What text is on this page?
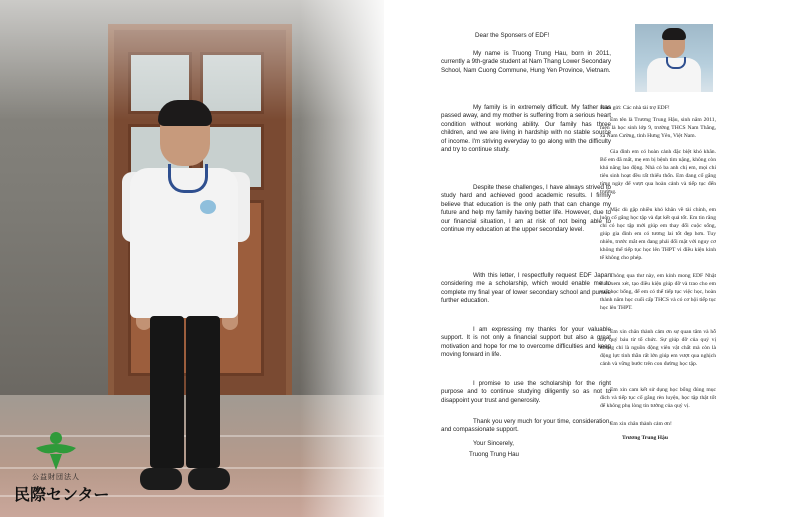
公益財団法人
民際センター
Dear the Sponsers of EDF!

My name is Truong Trung Hau, born in 2011, currently a 9th-grade student at Nam Thang Lower Secondary School, Nam Cuong Commune, Hung Yen Province, Vietnam.

My family is in extremely difficult. My father has passed away, and my mother is suffering from a serious heart condition without working ability. Our family has three children, and we are living in hardship with no stable source of income. I'm striving everyday to go along with the difficulty and try to continue study.

Despite these challenges, I have always strived to study hard and achieved good academic results. I firmly believe that education is the only path that can change my future and help my family having better life. However, due to our financial situation, I am at risk of not being able to continue my education at the upper secondary level.

With this letter, I respectfully request EDF Japan considering me a scholarship, which would enable me to complete my final year of lower secondary school and pursue further education.

I am expressing my thanks for your valuable support. It is not only a financial support but also a great motivation and hope for me to overcome difficulties and keep moving forward in life.

I promise to use the scholarship for the right purpose and to continue studying diligently so as not to disappoint your trust and generosity.

Thank you very much for your time, consideration, and compassionate support.

Your Sincerely,
Truong Trung Hau
Kính gửi: Các nhà tài trợ EDF!

Em tên là Trương Trung Hậu, sinh năm 2011, hiện là học sinh lớp 9, trường THCS Nam Thắng, xã Nam Cường, tỉnh Hưng Yên, Việt Nam.

Gia đình em có hoàn cảnh đặc biệt khó khăn. Bố em đã mất, mẹ em bị bệnh tim nặng, không còn khả năng lao động. Nhà có ba anh chị em, mọi chi tiêu sinh hoạt đều rất thiếu thốn. Em đang cố gắng từng ngày để vượt qua hoàn cảnh và tiếp tục đến trường.

Mặc dù gặp nhiều khó khăn về tài chính, em luôn cố gắng học tập và đạt kết quả tốt. Em tin rằng chỉ có học tập mới giúp em thay đổi cuộc sống, giúp gia đình em có tương lai tốt đẹp hơn. Tuy nhiên, trước mắt em đang phải đối mặt với nguy cơ không thể tiếp tục học lên THPT vì điều kiện kinh tế không cho phép.

Thông qua thư này, em kính mong EDF Nhật Bản xem xét, tạo điều kiện giúp đỡ và trao cho em suất học bổng, để em có thể tiếp tục việc học, hoàn thành năm học cuối cấp THCS và có cơ hội tiếp tục học lên THPT.

Em xin chân thành cảm ơn sự quan tâm và hỗ trợ quý báu từ tổ chức. Sự giúp đỡ của quý vị không chỉ là nguồn động viên vật chất mà còn là động lực tinh thần rất lớn giúp em vượt qua nghịch cảnh và vững bước trên con đường học tập.

Em xin cam kết sử dụng học bổng đúng mục đích và tiếp tục cố gắng rèn luyện, học tập thật tốt để không phụ lòng tin tưởng của quý vị.

Em xin chân thành cảm ơn!

Trương Trung Hậu
